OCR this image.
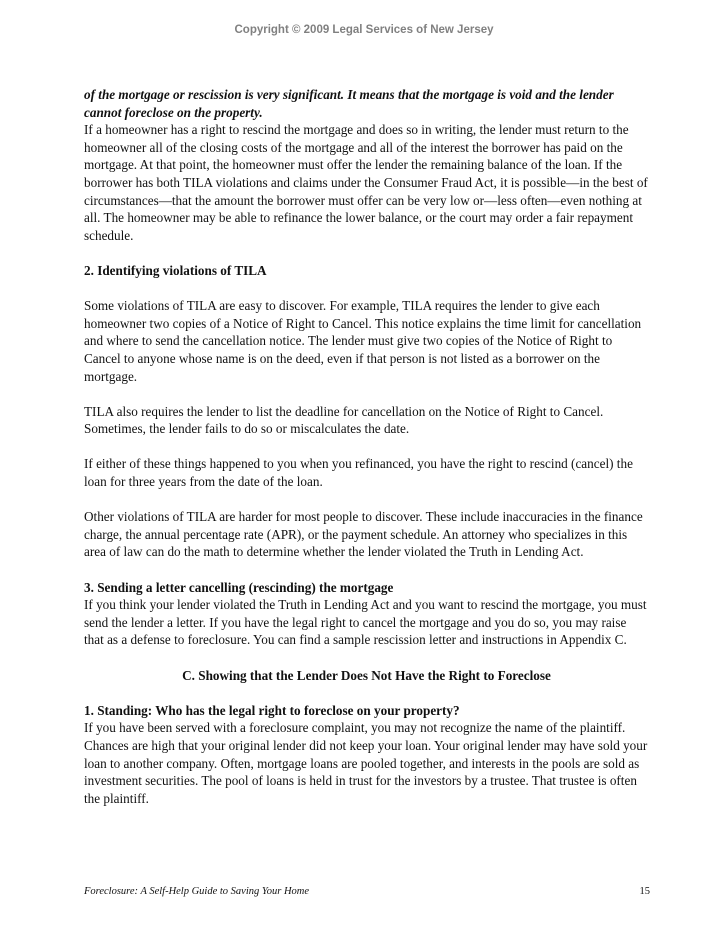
Copyright © 2009 Legal Services of New Jersey

of the mortgage or rescission is very significant. It means that the mortgage is void and the lender cannot foreclose on the property.

If a homeowner has a right to rescind the mortgage and does so in writing, the lender must return to the homeowner all of the closing costs of the mortgage and all of the interest the borrower has paid on the mortgage. At that point, the homeowner must offer the lender the remaining balance of the loan. If the borrower has both TILA violations and claims under the Consumer Fraud Act, it is possible—in the best of circumstances—that the amount the borrower must offer can be very low or—less often—even nothing at all. The homeowner may be able to refinance the lower balance, or the court may order a fair repayment schedule.

2. Identifying violations of TILA

Some violations of TILA are easy to discover. For example, TILA requires the lender to give each homeowner two copies of a Notice of Right to Cancel. This notice explains the time limit for cancellation and where to send the cancellation notice. The lender must give two copies of the Notice of Right to Cancel to anyone whose name is on the deed, even if that person is not listed as a borrower on the mortgage.

TILA also requires the lender to list the deadline for cancellation on the Notice of Right to Cancel. Sometimes, the lender fails to do so or miscalculates the date.

If either of these things happened to you when you refinanced, you have the right to rescind (cancel) the loan for three years from the date of the loan.

Other violations of TILA are harder for most people to discover. These include inaccuracies in the finance charge, the annual percentage rate (APR), or the payment schedule. An attorney who specializes in this area of law can do the math to determine whether the lender violated the Truth in Lending Act.

3. Sending a letter cancelling (rescinding) the mortgage

If you think your lender violated the Truth in Lending Act and you want to rescind the mortgage, you must send the lender a letter. If you have the legal right to cancel the mortgage and you do so, you may raise that as a defense to foreclosure. You can find a sample rescission letter and instructions in Appendix C.

C. Showing that the Lender Does Not Have the Right to Foreclose

1. Standing: Who has the legal right to foreclose on your property?

If you have been served with a foreclosure complaint, you may not recognize the name of the plaintiff. Chances are high that your original lender did not keep your loan. Your original lender may have sold your loan to another company. Often, mortgage loans are pooled together, and interests in the pools are sold as investment securities. The pool of loans is held in trust for the investors by a trustee. That trustee is often the plaintiff.

Foreclosure: A Self-Help Guide to Saving Your Home	15
